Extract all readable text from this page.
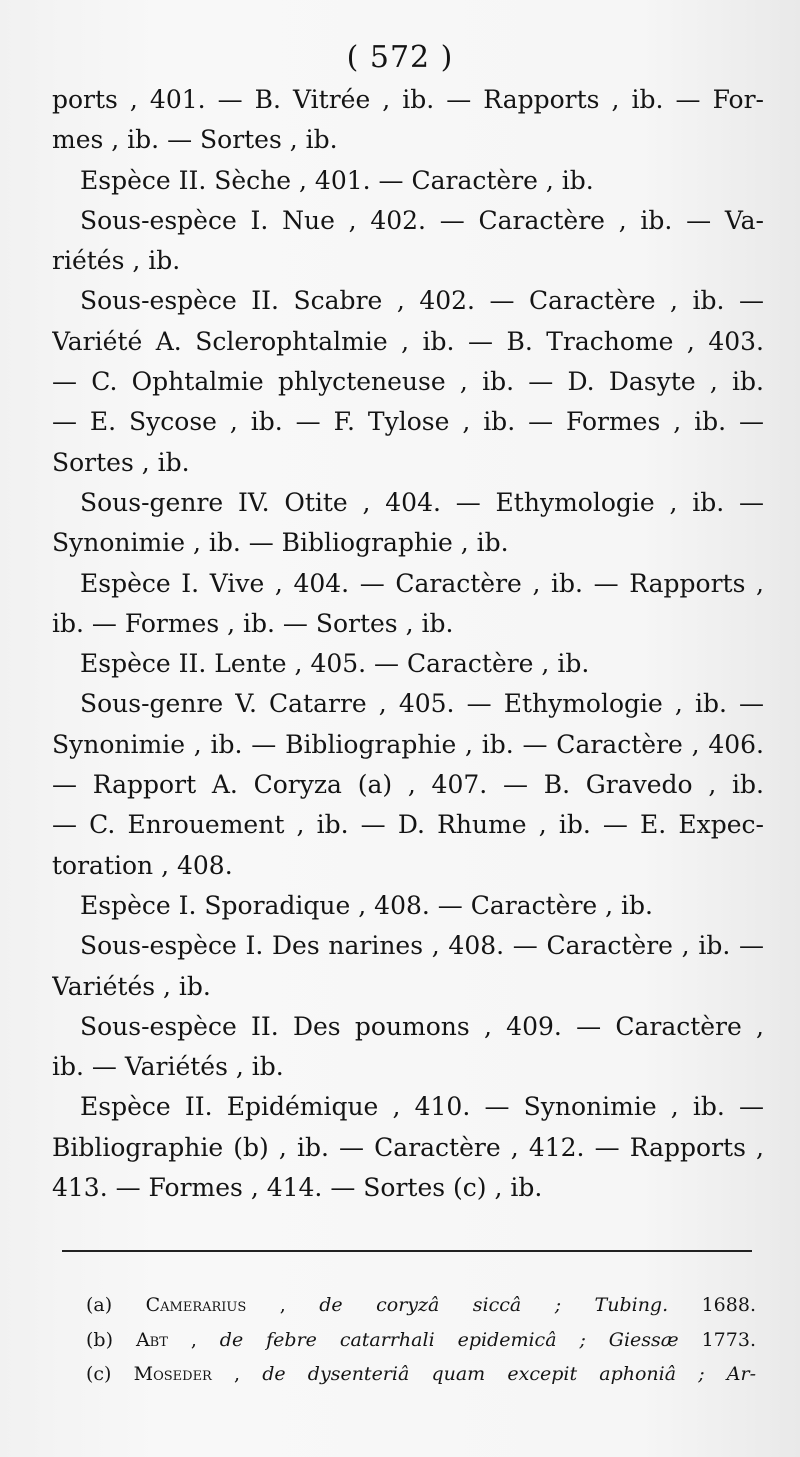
( 572 )
ports , 401. — B. Vitrée , ib. — Rapports , ib. — For-
mes , ib. — Sortes , ib.
Espèce II. Sèche , 401. — Caractère , ib.
Sous-espèce I. Nue , 402. — Caractère , ib. — Va-
riétés , ib.
Sous-espèce II. Scabre , 402. — Caractère , ib. —
Variété A. Sclerophtalmie , ib. — B. Trachome , 403.
— C. Ophtalmie phlycteneuse , ib. — D. Dasyte , ib.
— E. Sycose , ib. — F. Tylose , ib. — Formes , ib. —
Sortes , ib.
Sous-genre IV. Otite , 404. — Ethymologie , ib. —
Synonimie , ib. — Bibliographie , ib.
Espèce I. Vive , 404. — Caractère , ib. — Rapports ,
ib. — Formes , ib. — Sortes , ib.
Espèce II. Lente , 405. — Caractère , ib.
Sous-genre V. Catarre , 405. — Ethymologie , ib. —
Synonimie , ib. — Bibliographie , ib. — Caractère , 406.
— Rapport A. Coryza (a) , 407. — B. Gravedo , ib.
— C. Enrouement , ib. — D. Rhume , ib. — E. Expec-
toration , 408.
Espèce I. Sporadique , 408. — Caractère , ib.
Sous-espèce I. Des narines , 408. — Caractère , ib. —
Variétés , ib.
Sous-espèce II. Des poumons , 409. — Caractère ,
ib. — Variétés , ib.
Espèce II. Epidémique , 410. — Synonimie , ib. —
Bibliographie (b) , ib. — Caractère , 412. — Rapports ,
413. — Formes , 414. — Sortes (c) , ib.
(a) Camerarius , de coryzâ siccâ ; Tubing. 1688.
(b) Abt , de febre catarrhali epidemicâ ; Giessæ 1773.
(c) Moseder , de dysenteriâ quam excepit aphoniâ ; Ar-
